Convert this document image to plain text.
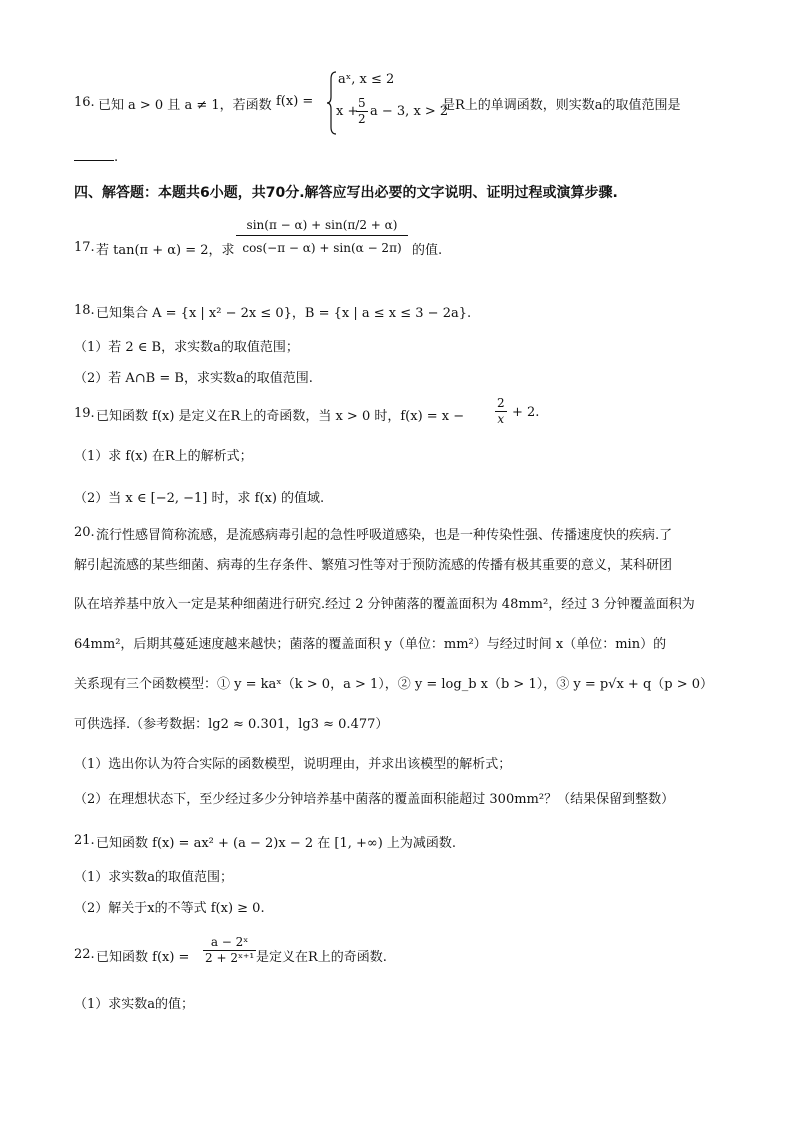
16. 已知 a > 0 且 a ≠ 1，若函数 f(x) =
aˣ, x ≤ 2
x +
$\frac{5}{2}$ a − 3, x > 2
是R上的单调函数，则实数a的取值范围是
.
四、解答题：本题共6小题，共70分.解答应写出必要的文字说明、证明过程或演算步骤.
17. 若 tan(π + α) = 2，求 $\frac{\sin(\pi - \alpha) + \sin(\pi/2 + \alpha)}{\cos(-\pi - \alpha) + \sin(\alpha - 2\pi)}$ 的值.
18. 已知集合 A = {x | x² − 2x ≤ 0}，B = {x | a ≤ x ≤ 3 − 2a}.
（1）若 2 ∈ B，求实数a的取值范围；
（2）若 A∩B = B，求实数a的取值范围.
19. 已知函数 f(x) 是定义在R上的奇函数，当 x > 0 时，f(x) = x −	$\frac{2}{x} + 2$.
（1）求 f(x) 在R上的解析式；
（2）当 x ∈ [−2, −1] 时，求 f(x) 的值域.
20. 流行性感冒简称流感，是流感病毒引起的急性呼吸道感染，也是一种传染性强、传播速度快的疾病.了
解引起流感的某些细菌、病毒的生存条件、繁殖习性等对于预防流感的传播有极其重要的意义，某科研团
队在培养基中放入一定是某种细菌进行研究.经过 2 分钟菌落的覆盖面积为 48mm²，经过 3 分钟覆盖面积为
64mm²，后期其蔓延速度越来越快；菌落的覆盖面积 y（单位：mm²）与经过时间 x（单位：min）的
关系现有三个函数模型：① y = kaˣ（k > 0，a > 1），② y = log_b x（b > 1），③ y = p√x + q（p > 0）
可供选择.（参考数据：lg2 ≈ 0.301，lg3 ≈ 0.477）
（1）选出你认为符合实际的函数模型，说明理由，并求出该模型的解析式；
（2）在理想状态下，至少经过多少分钟培养基中菌落的覆盖面积能超过 300mm²？（结果保留到整数）
21. 已知函数 f(x) = ax² + (a − 2)x − 2 在 [1, +∞) 上为减函数.
（1）求实数a的取值范围；
（2）解关于x的不等式 f(x) ≥ 0.
22. 已知函数 $f(x) = \frac{\text{a − 2ˣ}}{\text{2 + 2ˣ⁺¹}}$ 是定义在R上的奇函数.
（1）求实数a的值；
